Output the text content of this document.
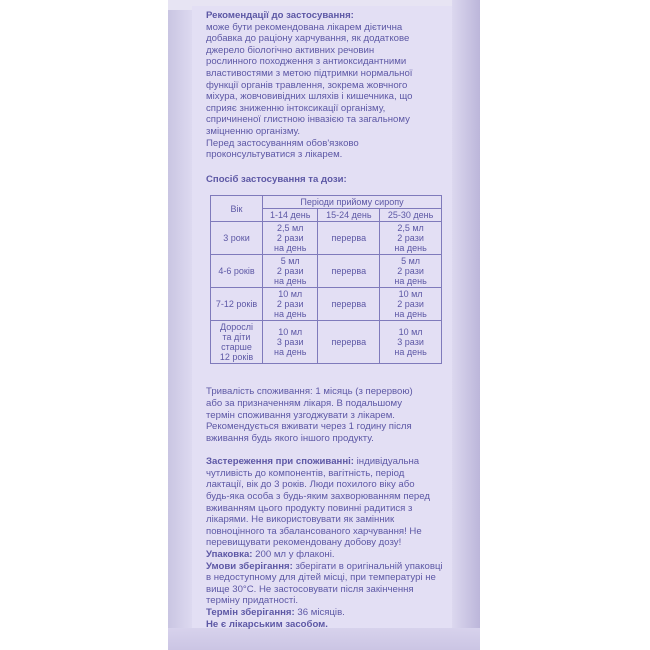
Рекомендації до застосування:
може бути рекомендована лікарем дієтична
добавка до раціону харчування, як додаткове
джерело біологічно активних речовин
рослинного походження з антиоксидантними
властивостями з метою підтримки нормальної
функції органів травлення, зокрема жовчного
міхура, жовчовивідних шляхів і кишечника, що
сприяє зниженню інтоксикації організму,
спричиненої глистною інвазією та загальному
зміцненню організму.
Перед застосуванням обов'язково
проконсультуватися з лікарем.
Спосіб застосування та дози:
Вік	Періоди прийому сиропу		
	1-14 день	15-24 день	25-30 день
3 роки	2,5 мл
2 рази
на день	перерва	2,5 мл
2 рази
на день
4-6 років	5 мл
2 рази
на день	перерва	5 мл
2 рази
на день
7-12 років	10 мл
2 рази
на день	перерва	10 мл
2 рази
на день
Дорослі
та діти
старше
12 років	10 мл
3 рази
на день	перерва	10 мл
3 рази
на день
Тривалість споживання: 1 місяць (з перервою)
або за призначенням лікаря. В подальшому
термін споживання узгоджувати з лікарем.
Рекомендується вживати через 1 годину після
вживання будь якого іншого продукту.
Застереження при споживанні: індивідуальна
чутливість до компонентів, вагітність, період
лактації, вік до 3 років. Люди похилого віку або
будь-яка особа з будь-яким захворюванням перед
вживанням цього продукту повинні радитися з
лікарями. Не використовувати як замінник
повноцінного та збалансованого харчування! Не
перевищувати рекомендовану добову дозу!
Упаковка: 200 мл у флаконі.
Умови зберігання: зберігати в оригінальній упаковці
в недоступному для дітей місці, при температурі не
вище 30°С. Не застосовувати після закінчення
терміну придатності.
Термін зберігання: 36 місяців.
Не є лікарським засобом.
